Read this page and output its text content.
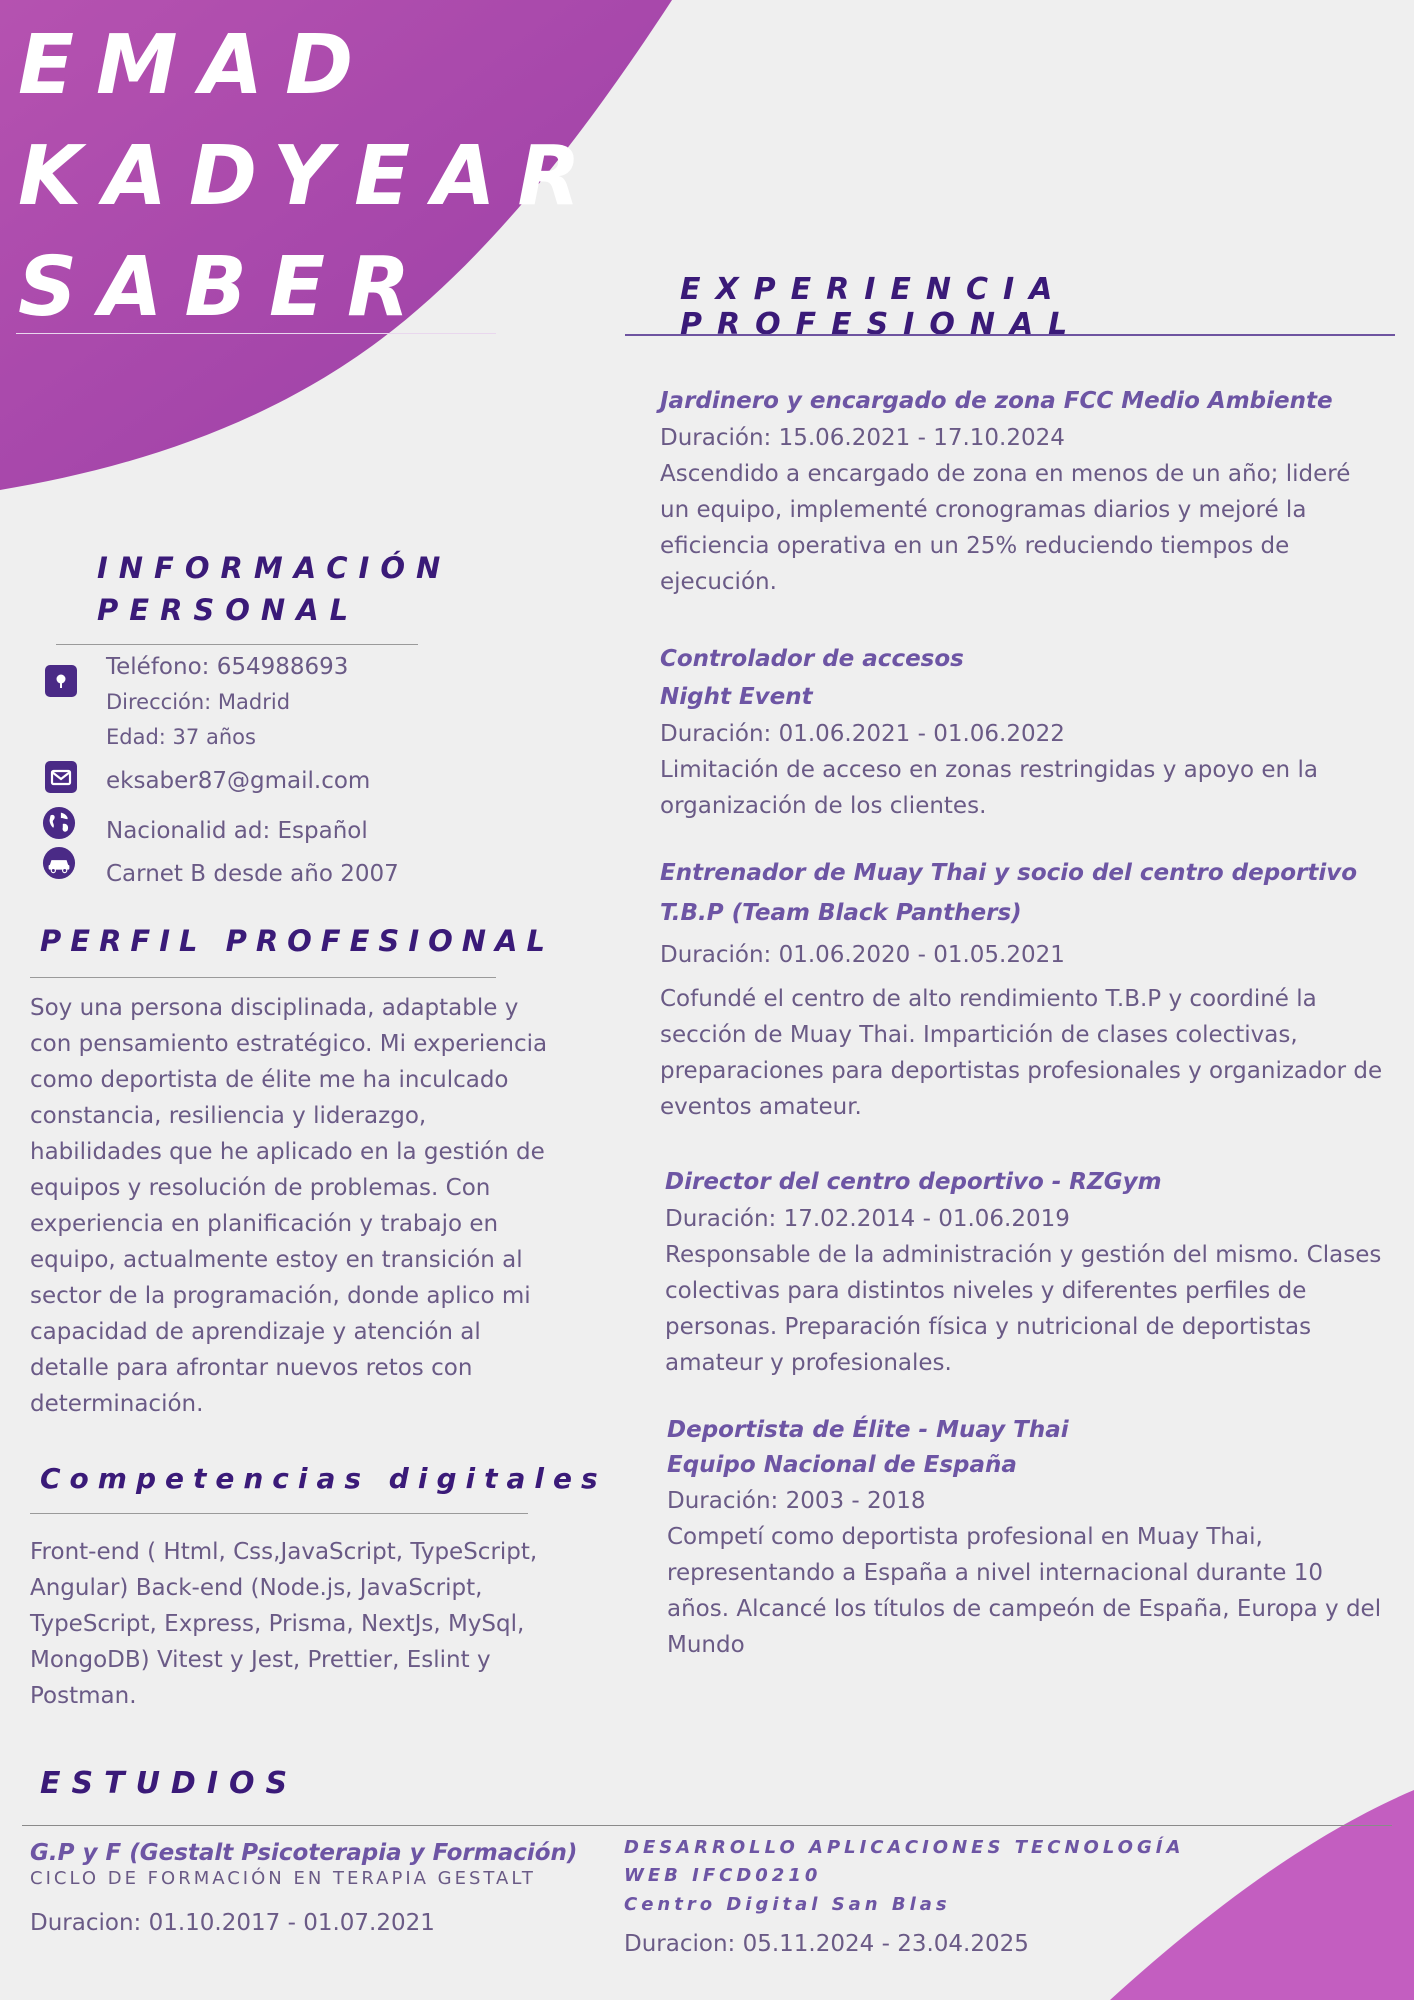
EMAD
KADYEAR
SABER	EXPERIENCIA PROFESIONAL
INFORMACIÓN
PERSONAL
Teléfono: 654988693
Dirección: Madrid
Edad: 37 años
eksaber87@gmail.com
Nacionalid ad: Español
Carnet B desde año 2007
PERFIL PROFESIONAL

Soy una persona disciplinada, adaptable y con pensamiento estratégico. Mi experiencia como deportista de élite me ha inculcado constancia, resiliencia y liderazgo, habilidades que he aplicado en la gestión de equipos y resolución de problemas. Con experiencia en planificación y trabajo en equipo, actualmente estoy en transición al sector de la programación, donde aplico mi capacidad de aprendizaje y atención al detalle para afrontar nuevos retos con determinación.

Competencias digitales

Front-end ( Html, Css,JavaScript, TypeScript, Angular) Back-end (Node.js, JavaScript, TypeScript, Express, Prisma, NextJs, MySql, MongoDB) Vitest y Jest, Prettier, Eslint y Postman.

Jardinero y encargado de zona FCC Medio Ambiente

Duración: 15.06.2021 - 17.10.2024

Ascendido a encargado de zona en menos de un año; lideré un equipo, implementé cronogramas diarios y mejoré la eficiencia operativa en un 25% reduciendo tiempos de ejecución.

Controlador de accesos

Night Event

Duración: 01.06.2021 - 01.06.2022

Limitación de acceso en zonas restringidas y apoyo en la organización de los clientes.

Entrenador de Muay Thai y socio del centro deportivo T.B.P (Team Black Panthers)

Duración: 01.06.2020 - 01.05.2021

Cofundé el centro de alto rendimiento T.B.P y coordiné la sección de Muay Thai. Impartición de clases colectivas, preparaciones para deportistas profesionales y organizador de eventos amateur.

Director del centro deportivo - RZGym

Duración: 17.02.2014 - 01.06.2019

Responsable de la administración y gestión del mismo. Clases colectivas para distintos niveles y diferentes perfiles de personas. Preparación física y nutricional de deportistas amateur y profesionales.

Deportista de Élite - Muay Thai

Equipo Nacional de España

Duración: 2003 - 2018

Competí como deportista profesional en Muay Thai, representando a España a nivel internacional durante 10 años. Alcancé los títulos de campeón de España, Europa y del Mundo

ESTUDIOS

G.P y F (Gestalt Psicoterapia y Formación)

CICLO DE FORMACIÓN EN TERAPIA GESTALT

Duracion: 01.10.2017 - 01.07.2021

DESARROLLO APLICACIONES TECNOLOGÍA

WEB IFCD0210

Centro Digital San Blas

Duracion: 05.11.2024 - 23.04.2025
